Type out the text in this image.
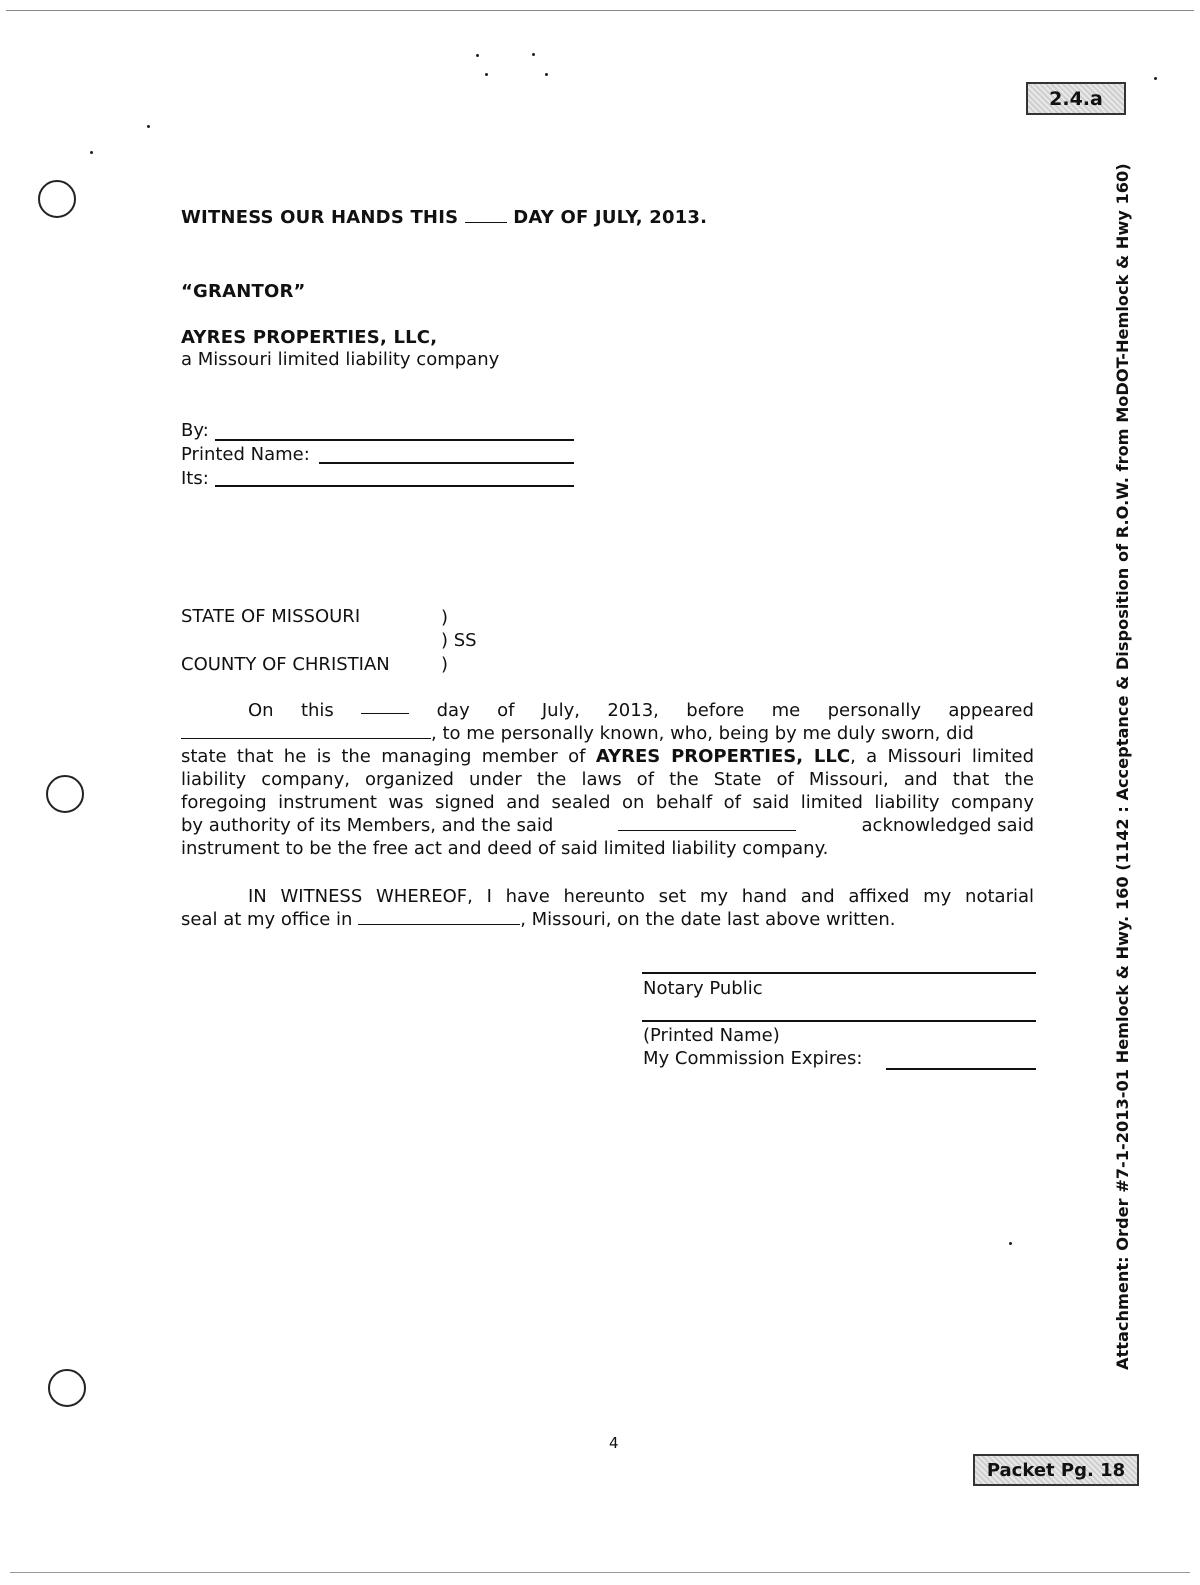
2.4.a
WITNESS OUR HANDS THIS	DAY OF JULY, 2013.
“GRANTOR”
AYRES PROPERTIES, LLC,
a Missouri limited liability company
By:
Printed Name:
Its:
STATE OF MISSOURI	)
) SS
COUNTY OF CHRISTIAN	)
On this	day of July, 2013, before me personally appeared
, to me personally known, who, being by me duly sworn, did
state that he is the managing member of AYRES PROPERTIES, LLC, a Missouri limited
liability company, organized under the laws of the State of Missouri, and that the
foregoing instrument was signed and sealed on behalf of said limited liability company
by authority of its Members, and the said	acknowledged said
instrument to be the free act and deed of said limited liability company.
IN WITNESS WHEREOF, I have hereunto set my hand and affixed my notarial
seal at my office in	, Missouri, on the date last above written.
Notary Public
(Printed Name)
My Commission Expires:
4
Packet Pg. 18
Attachment: Order #7-1-2013-01 Hemlock & Hwy. 160 (1142 : Acceptance & Disposition of R.O.W. from MoDOT-Hemlock & Hwy 160)
